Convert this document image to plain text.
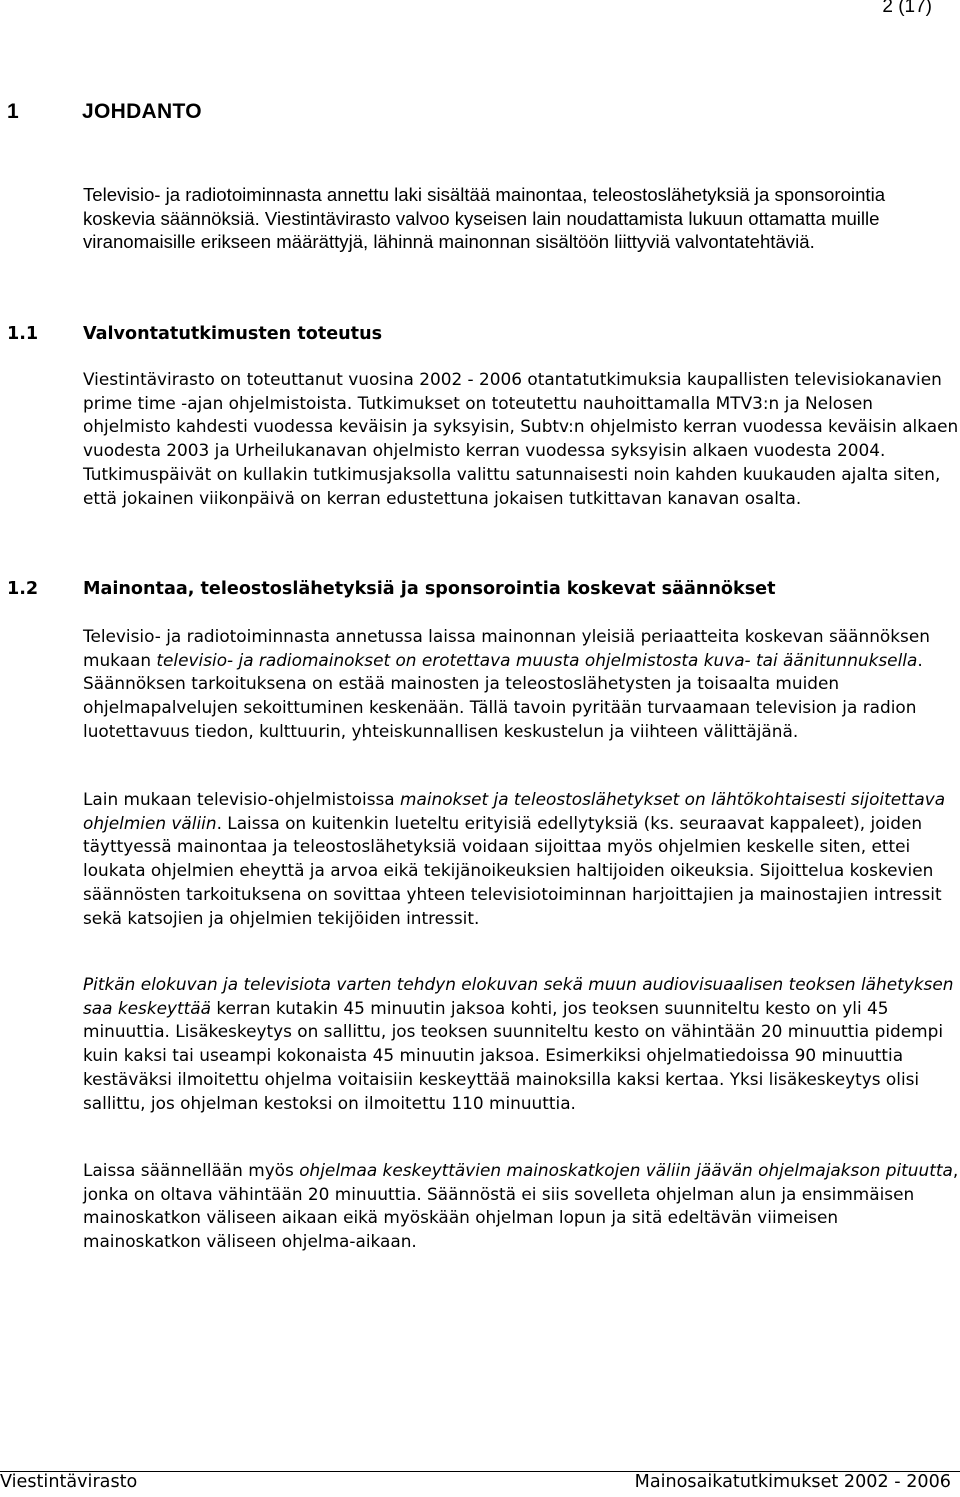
2 (17)
1	JOHDANTO

Televisio- ja radiotoiminnasta annettu laki sisältää mainontaa, teleostoslähetyksiä ja sponsorointia koskevia säännöksiä. Viestintävirasto valvoo kyseisen lain noudattamista lukuun ottamatta muille viranomaisille erikseen määrättyjä, lähinnä mainonnan sisältöön liittyviä valvontatehtäviä.

1.1	Valvontatutkimusten toteutus

Viestintävirasto on toteuttanut vuosina 2002 - 2006 otantatutkimuksia kaupallisten televisiokanavien prime time -ajan ohjelmistoista. Tutkimukset on toteutettu nauhoittamalla MTV3:n ja Nelosen ohjelmisto kahdesti vuodessa keväisin ja syksyisin, Subtv:n ohjelmisto kerran vuodessa keväisin alkaen vuodesta 2003 ja Urheilukanavan ohjelmisto kerran vuodessa syksyisin alkaen vuodesta 2004. Tutkimuspäivät on kullakin tutkimusjaksolla valittu satunnaisesti noin kahden kuukauden ajalta siten, että jokainen viikonpäivä on kerran edustettuna jokaisen tutkittavan kanavan osalta.

1.2	Mainontaa, teleostoslähetyksiä ja sponsorointia koskevat säännökset

Televisio- ja radiotoiminnasta annetussa laissa mainonnan yleisiä periaatteita koskevan säännöksen mukaan televisio- ja radiomainokset on erotettava muusta ohjelmistosta kuva- tai äänitunnuksella. Säännöksen tarkoituksena on estää mainosten ja teleostoslähetysten ja toisaalta muiden ohjelmapalvelujen sekoittuminen keskenään. Tällä tavoin pyritään turvaamaan television ja radion luotettavuus tiedon, kulttuurin, yhteiskunnallisen keskustelun ja viihteen välittäjänä.

Lain mukaan televisio-ohjelmistoissa mainokset ja teleostoslähetykset on lähtökohtaisesti sijoitettava ohjelmien väliin. Laissa on kuitenkin lueteltu erityisiä edellytyksiä (ks. seuraavat kappaleet), joiden täyttyessä mainontaa ja teleostoslähetyksiä voidaan sijoittaa myös ohjelmien keskelle siten, ettei loukata ohjelmien eheyttä ja arvoa eikä tekijänoikeuksien haltijoiden oikeuksia. Sijoittelua koskevien säännösten tarkoituksena on sovittaa yhteen televisiotoiminnan harjoittajien ja mainostajien intressit sekä katsojien ja ohjelmien tekijöiden intressit.

Pitkän elokuvan ja televisiota varten tehdyn elokuvan sekä muun audiovisuaalisen teoksen lähetyksen saa keskeyttää kerran kutakin 45 minuutin jaksoa kohti, jos teoksen suunniteltu kesto on yli 45 minuuttia. Lisäkeskeytys on sallittu, jos teoksen suunniteltu kesto on vähintään 20 minuuttia pidempi kuin kaksi tai useampi kokonaista 45 minuutin jaksoa. Esimerkiksi ohjelmatiedoissa 90 minuuttia kestäväksi ilmoitettu ohjelma voitaisiin keskeyttää mainoksilla kaksi kertaa. Yksi lisäkeskeytys olisi sallittu, jos ohjelman kestoksi on ilmoitettu 110 minuuttia.

Laissa säännellään myös ohjelmaa keskeyttävien mainoskatkojen väliin jäävän ohjelmajakson pituutta, jonka on oltava vähintään 20 minuuttia. Säännöstä ei siis sovelleta ohjelman alun ja ensimmäisen mainoskatkon väliseen aikaan eikä myöskään ohjelman lopun ja sitä edeltävän viimeisen mainoskatkon väliseen ohjelma-aikaan.

Viestintävirasto	Mainosaikatutkimukset 2002 - 2006
